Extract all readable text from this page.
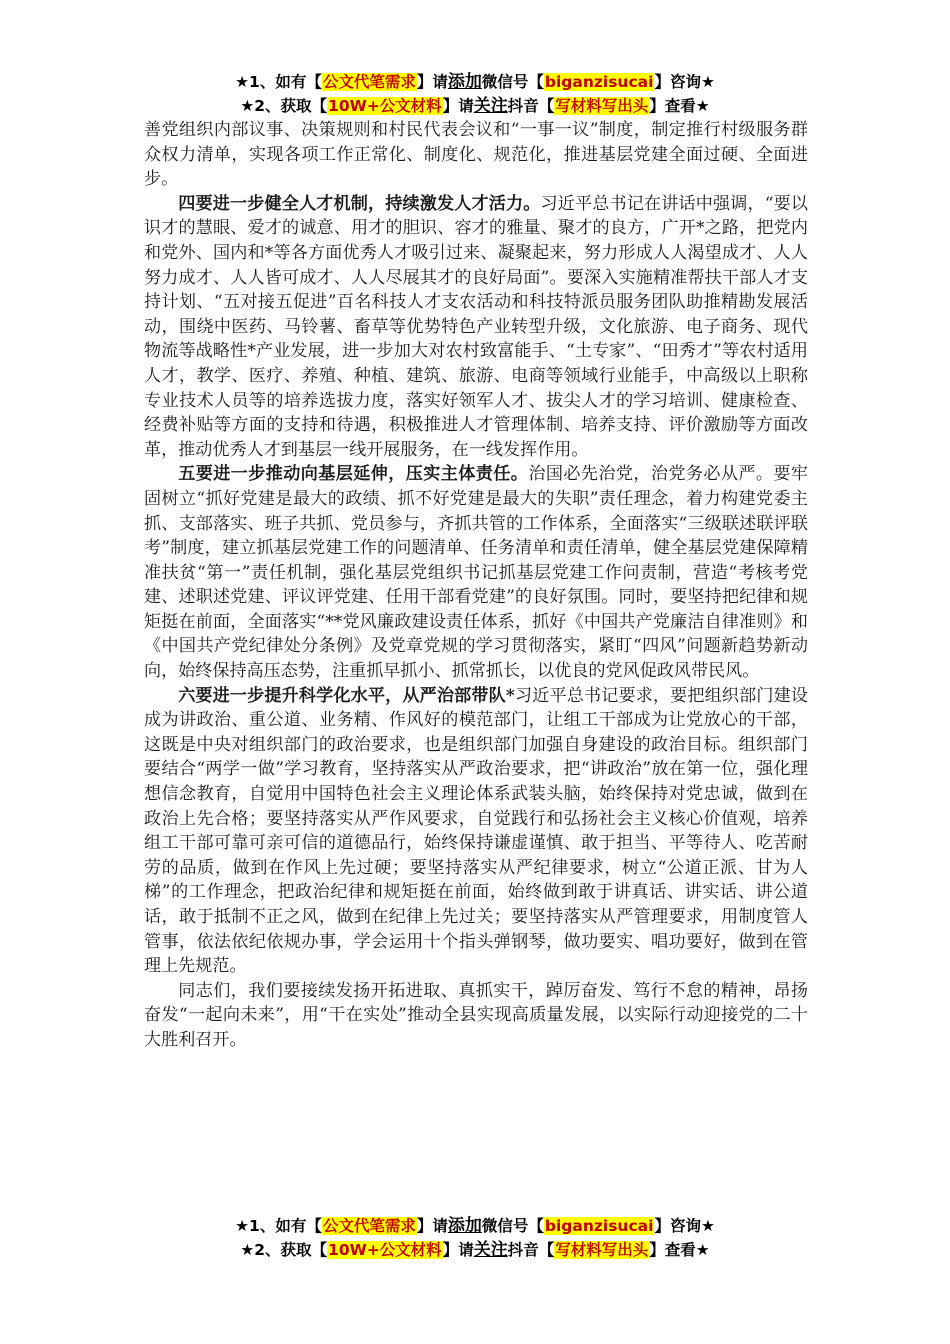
★1、如有【公文代笔需求】请添加微信号【biganzisucai】咨询★
★2、获取【10W+公文材料】请关注抖音【写材料写出头】查看★

善党组织内部议事、决策规则和村民代表会议和“一事一议”制度，制定推行村级服务群众权力清单，实现各项工作正常化、制度化、规范化，推进基层党建全面过硬、全面进步。

四要进一步健全人才机制，持续激发人才活力。习近平总书记在讲话中强调，“要以识才的慧眼、爱才的诚意、用才的胆识、容才的雅量、聚才的良方，广开*之路，把党内和党外、国内和*等各方面优秀人才吸引过来、凝聚起来，努力形成人人渴望成才、人人努力成才、人人皆可成才、人人尽展其才的良好局面”。要深入实施精准帮扶干部人才支持计划、“五对接五促进”百名科技人才支农活动和科技特派员服务团队助推精勘发展活动，围绕中医药、马铃薯、畜草等优势特色产业转型升级，文化旅游、电子商务、现代物流等战略性*产业发展，进一步加大对农村致富能手、“土专家”、“田秀才”等农村适用人才，教学、医疗、养殖、种植、建筑、旅游、电商等领域行业能手，中高级以上职称专业技术人员等的培养选拔力度，落实好领军人才、拔尖人才的学习培训、健康检查、经费补贴等方面的支持和待遇，积极推进人才管理体制、培养支持、评价激励等方面改革，推动优秀人才到基层一线开展服务，在一线发挥作用。

五要进一步推动向基层延伸，压实主体责任。治国必先治党，治党务必从严。要牢固树立“抓好党建是最大的政绩、抓不好党建是最大的失职”责任理念，着力构建党委主抓、支部落实、班子共抓、党员参与，齐抓共管的工作体系，全面落实“三级联述联评联考”制度，建立抓基层党建工作的问题清单、任务清单和责任清单，健全基层党建保障精准扶贫“第一”责任机制，强化基层党组织书记抓基层党建工作问责制，营造“考核考党建、述职述党建、评议评党建、任用干部看党建”的良好氛围。同时，要坚持把纪律和规矩挺在前面，全面落实“**党风廉政建设责任体系，抓好《中国共产党廉洁自律准则》和《中国共产党纪律处分条例》及党章党规的学习贯彻落实，紧盯“四风”问题新趋势新动向，始终保持高压态势，注重抓早抓小、抓常抓长，以优良的党风促政风带民风。

六要进一步提升科学化水平，从严治部带队*习近平总书记要求，要把组织部门建设成为讲政治、重公道、业务精、作风好的模范部门，让组工干部成为让党放心的干部，这既是中央对组织部门的政治要求，也是组织部门加强自身建设的政治目标。组织部门要结合“两学一做”学习教育，坚持落实从严政治要求，把“讲政治”放在第一位，强化理想信念教育，自觉用中国特色社会主义理论体系武装头脑，始终保持对党忠诚，做到在政治上先合格；要坚持落实从严作风要求，自觉践行和弘扬社会主义核心价值观，培养组工干部可靠可亲可信的道德品行，始终保持谦虚谨慎、敢于担当、平等待人、吃苦耐劳的品质，做到在作风上先过硬；要坚持落实从严纪律要求，树立“公道正派、甘为人梯”的工作理念，把政治纪律和规矩挺在前面，始终做到敢于讲真话、讲实话、讲公道话，敢于抵制不正之风，做到在纪律上先过关；要坚持落实从严管理要求，用制度管人管事，依法依纪依规办事，学会运用十个指头弹钢琴，做功要实、唱功要好，做到在管理上先规范。

同志们，我们要接续发扬开拓进取、真抓实干，踔厉奋发、笃行不怠的精神，昂扬奋发“一起向未来”，用“干在实处”推动全县实现高质量发展，以实际行动迎接党的二十大胜利召开。

★1、如有【公文代笔需求】请添加微信号【biganzisucai】咨询★
★2、获取【10W+公文材料】请关注抖音【写材料写出头】查看★
